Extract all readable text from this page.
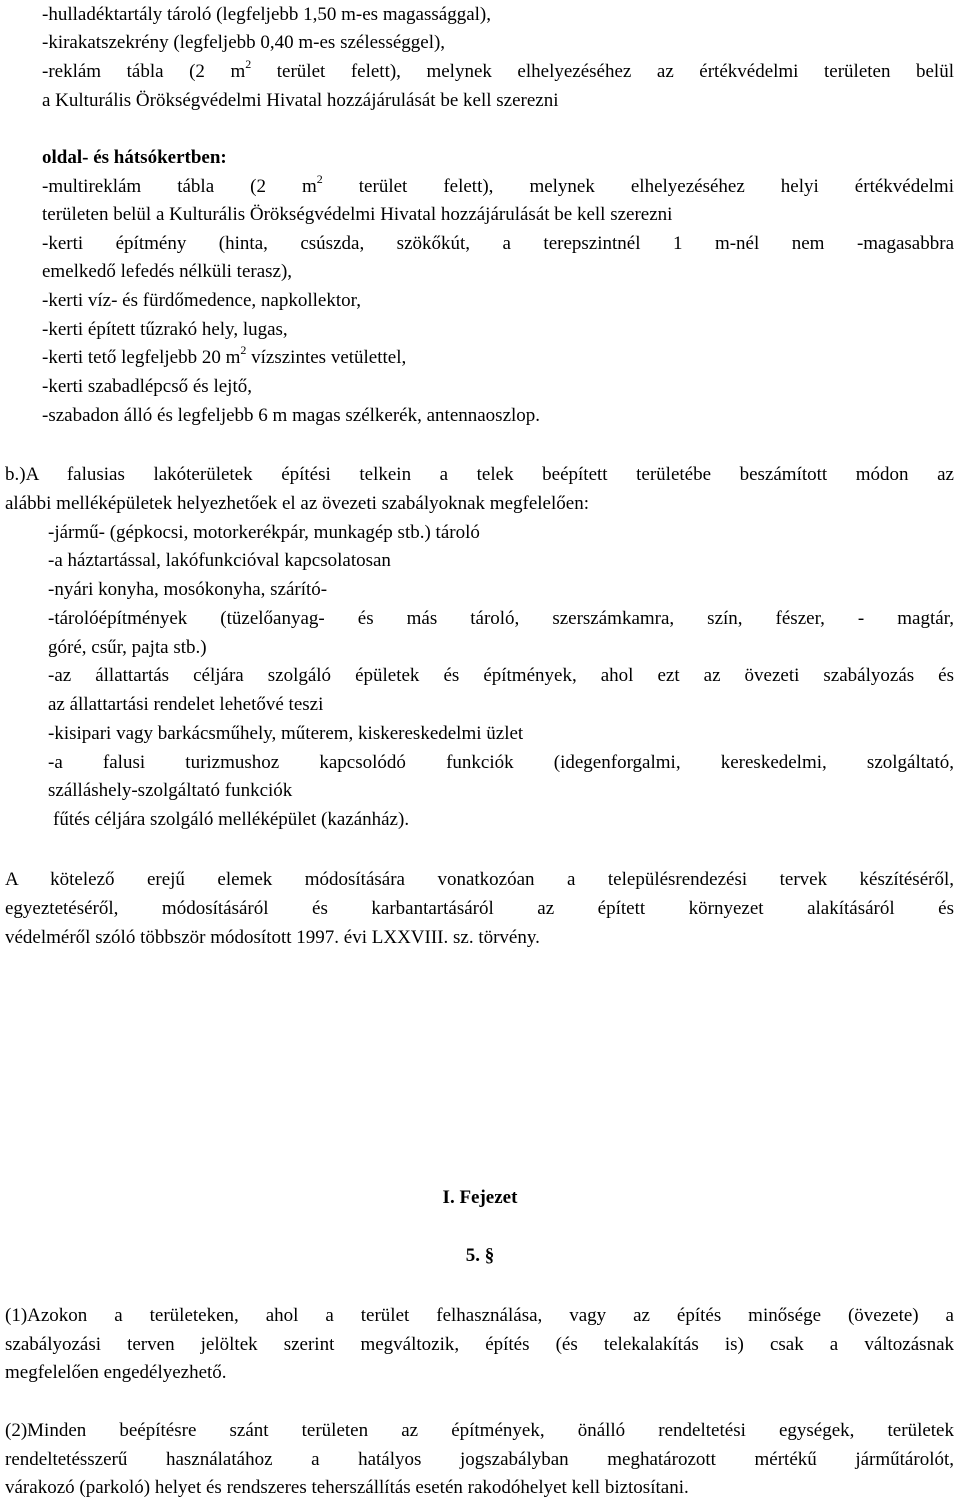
-hulladéktartály tároló (legfeljebb 1,50 m-es magassággal),
-kirakatszekrény (legfeljebb 0,40 m-es szélességgel),
-reklám tábla (2 $m^2$ terület felett), melynek elhelyezéséhez az értékvédelmi területen belül
a Kulturális Örökségvédelmi Hivatal hozzájárulását be kell szerezni
oldal- és hátsókertben:
-multireklám tábla (2 $m^2$ terület felett), melynek elhelyezéséhez helyi értékvédelmi
területen belül a Kulturális Örökségvédelmi Hivatal hozzájárulását be kell szerezni
-kerti építmény (hinta, csúszda, szökőkút, a terepszintnél 1 m-nél nem -magasabbra
emelkedő lefedés nélküli terasz),
-kerti víz- és fürdőmedence, napkollektor,
-kerti épített tűzrakó hely, lugas,
-kerti tető legfeljebb 20 $m^2$ vízszintes vetülettel,
-kerti szabadlépcső és lejtő,
-szabadon álló és legfeljebb 6 m magas szélkerék, antennaoszlop.
b.)A falusias lakóterületek építési telkein a telek beépített területébe beszámított módon az
alábbi melléképületek helyezhetőek el az övezeti szabályoknak megfelelően:
-jármű- (gépkocsi, motorkerékpár, munkagép stb.) tároló
-a háztartással, lakófunkcióval kapcsolatosan
-nyári konyha, mosókonyha, szárító-
-tárolóépítmények (tüzelőanyag- és más tároló, szerszámkamra, szín, fészer, - magtár,
góré, csűr, pajta stb.)
-az állattartás céljára szolgáló épületek és építmények, ahol ezt az övezeti szabályozás és
az állattartási rendelet lehetővé teszi
-kisipari vagy barkácsműhely, műterem, kiskereskedelmi üzlet
-a falusi turizmushoz kapcsolódó funkciók (idegenforgalmi, kereskedelmi, szolgáltató,
szálláshely-szolgáltató funkciók
fűtés céljára szolgáló melléképület (kazánház).
A kötelező erejű elemek módosítására vonatkozóan a településrendezési tervek készítéséről,
egyeztetéséről, módosításáról és karbantartásáról az épített környezet alakításáról és
védelméről szóló többször módosított 1997. évi LXXVIII. sz. törvény.
I. Fejezet
5. §
(1)Azokon a területeken, ahol a terület felhasználása, vagy az építés minősége (övezete) a
szabályozási terven jelöltek szerint megváltozik, építés (és telekalakítás is) csak a változásnak
megfelelően engedélyezhető.
(2)Minden beépítésre szánt területen az építmények, önálló rendeltetési egységek, területek
rendeltetésszerű használatához a hatályos jogszabályban meghatározott mértékű járműtárolót,
várakozó (parkoló) helyet és rendszeres teherszállítás esetén rakodóhelyet kell biztosítani.
